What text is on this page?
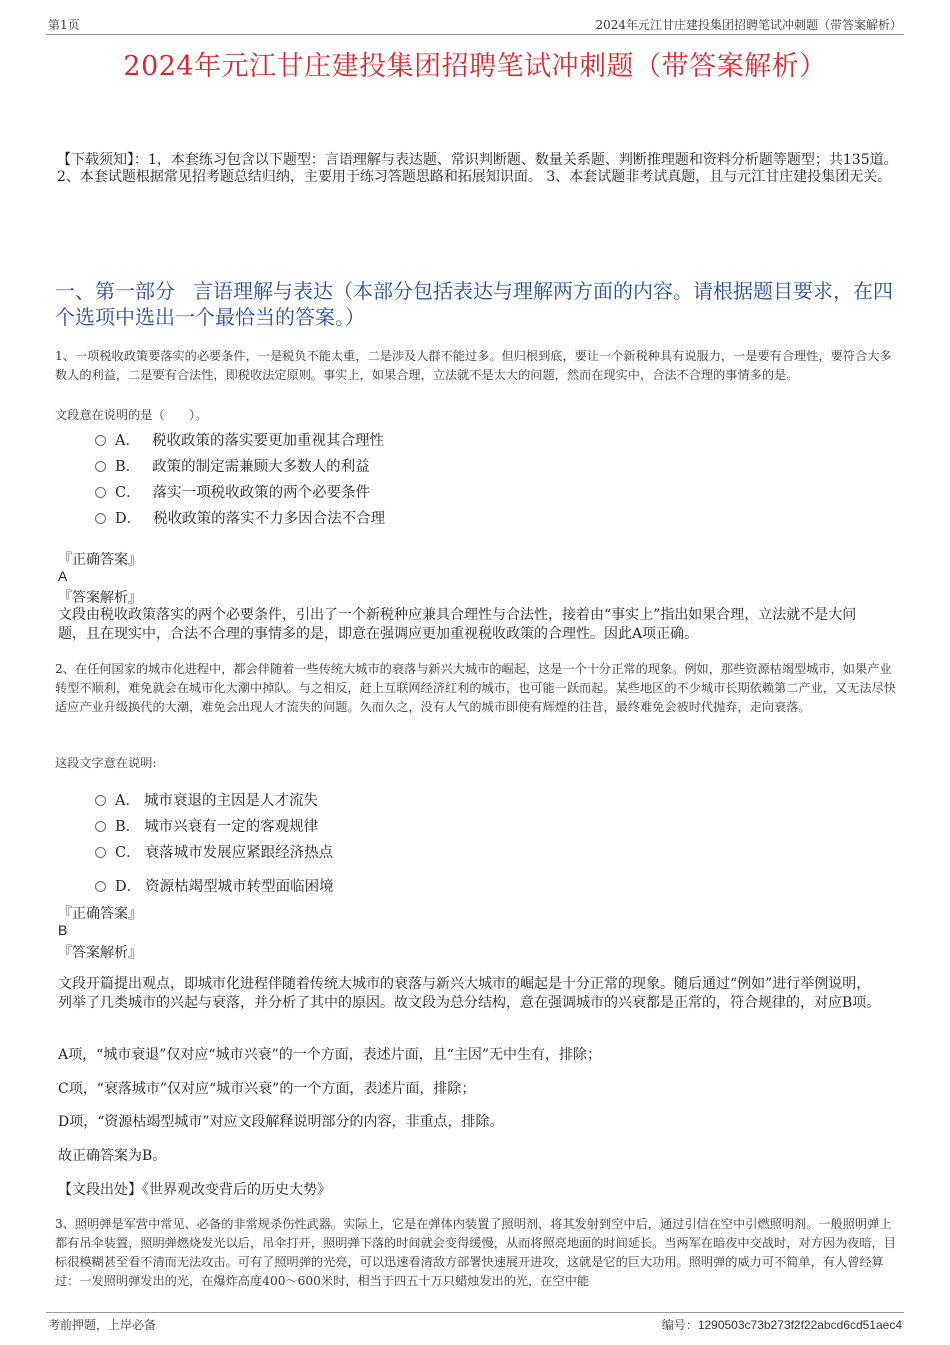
第1页	2024年元江甘庄建投集团招聘笔试冲刺题（带答案解析）
2024年元江甘庄建投集团招聘笔试冲刺题（带答案解析）
【下载须知】：1，本套练习包含以下题型：言语理解与表达题、常识判断题、数量关系题、判断推理题和资料分析题等题型；共135道。 2、本套试题根据常见招考题总结归纳，主要用于练习答题思路和拓展知识面。 3、本套试题非考试真题，且与元江甘庄建投集团无关。
一、第一部分 言语理解与表达（本部分包括表达与理解两方面的内容。请根据题目要求，在四个选项中选出一个最恰当的答案。）
1、一项税收政策要落实的必要条件，一是税负不能太重，二是涉及人群不能过多。但归根到底，要让一个新税种具有说服力，一是要有合理性，要符合大多数人的利益，二是要有合法性，即税收法定原则。事实上，如果合理，立法就不是太大的问题，然而在现实中，合法不合理的事情多的是。
文段意在说明的是（　　）。
A． 税收政策的落实要更加重视其合理性
B． 政策的制定需兼顾大多数人的利益
C． 落实一项税收政策的两个必要条件
D． 税收政策的落实不力多因合法不合理
『正确答案』
A
『答案解析』
文段由税收政策落实的两个必要条件，引出了一个新税种应兼具合理性与合法性，接着由“事实上”指出如果合理，立法就不是大问题，且在现实中，合法不合理的事情多的是，即意在强调应更加重视税收政策的合理性。因此A项正确。
2、在任何国家的城市化进程中，都会伴随着一些传统大城市的衰落与新兴大城市的崛起，这是一个十分正常的现象。例如，那些资源枯竭型城市，如果产业转型不顺利，难免就会在城市化大潮中掉队。与之相反，赶上互联网经济红利的城市，也可能一跃而起。某些地区的不少城市长期依赖第二产业，又无法尽快适应产业升级换代的大潮，难免会出现人才流失的问题。久而久之，没有人气的城市即使有辉煌的往昔，最终难免会被时代抛弃，走向衰落。
这段文字意在说明:
A． 城市衰退的主因是人才流失
B． 城市兴衰有一定的客观规律
C． 衰落城市发展应紧跟经济热点
D． 资源枯竭型城市转型面临困境
『正确答案』
B
『答案解析』
文段开篇提出观点，即城市化进程伴随着传统大城市的衰落与新兴大城市的崛起是十分正常的现象。随后通过“例如”进行举例说明，列举了几类城市的兴起与衰落，并分析了其中的原因。故文段为总分结构，意在强调城市的兴衰都是正常的，符合规律的，对应B项。
A项，“城市衰退”仅对应“城市兴衰”的一个方面，表述片面，且“主因”无中生有，排除；
C项，“衰落城市”仅对应“城市兴衰”的一个方面，表述片面，排除；
D项，“资源枯竭型城市”对应文段解释说明部分的内容，非重点，排除。
故正确答案为B。
【文段出处】《世界观改变背后的历史大势》
3、照明弹是军营中常见、必备的非常规杀伤性武器。实际上，它是在弹体内装置了照明剂，将其发射到空中后，通过引信在空中引燃照明剂。一般照明弹上都有吊伞装置，照明弹燃烧发光以后，吊伞打开，照明弹下落的时间就会变得缓慢，从而将照亮地面的时间延长。当两军在暗夜中交战时，对方因为夜暗，目标很模糊甚至看不清而无法攻击。可有了照明弹的光亮，可以迅速看清敌方部署快速展开进攻，这就是它的巨大功用。照明弹的威力可不简单，有人曾经算过：一发照明弹发出的光，在爆炸高度400～600米时，相当于四五十万只蜡烛发出的光，在空中能
考前押题，上岸必备	编号：1290503c73b273f2f22abcd6cd51aec4
